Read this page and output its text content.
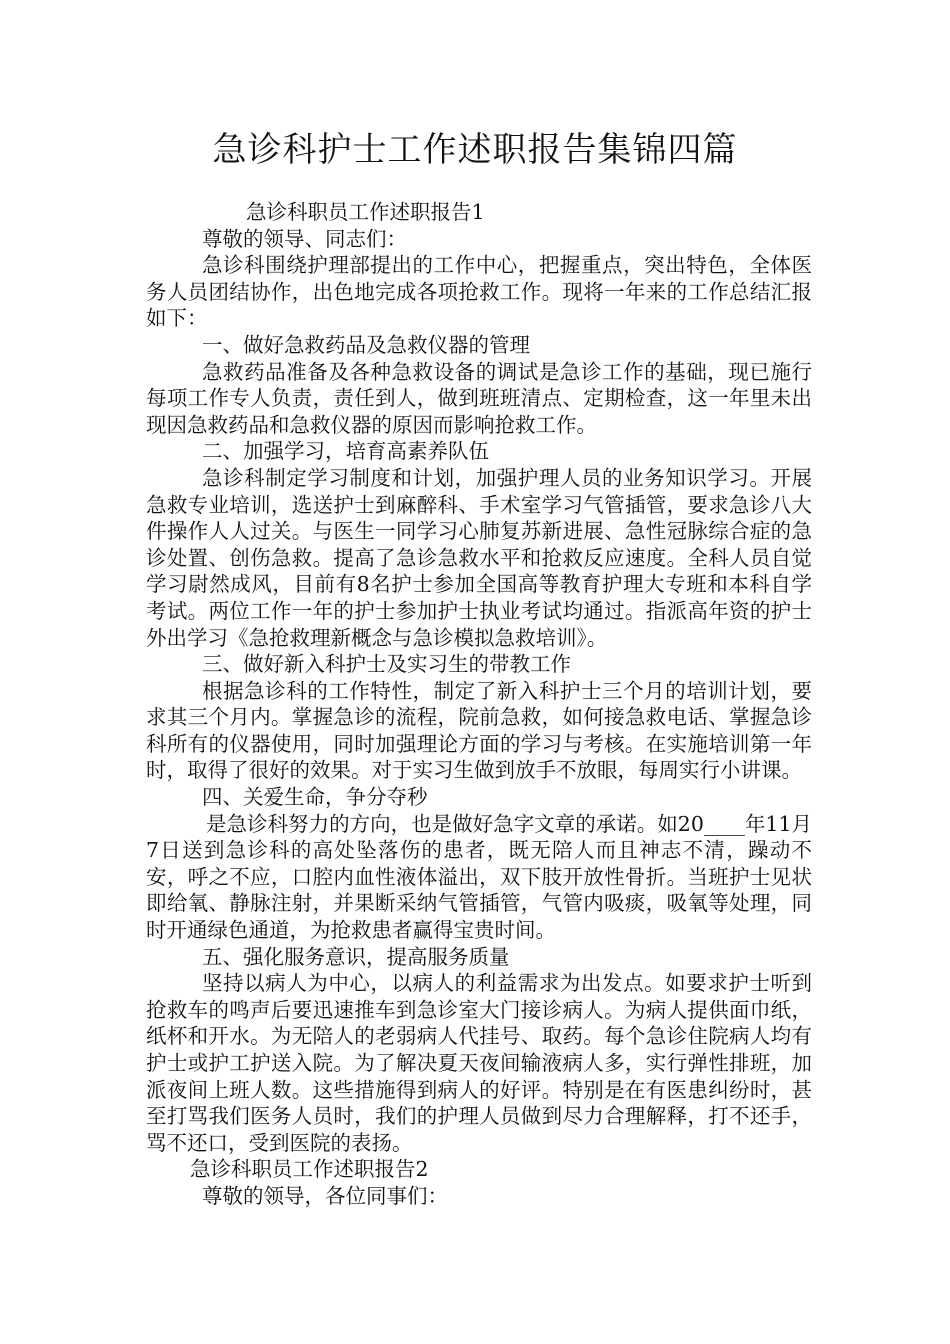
急诊科护士工作述职报告集锦四篇

急诊科职员工作述职报告1

尊敬的领导、同志们：

急诊科围绕护理部提出的工作中心，把握重点，突出特色，全体医务人员团结协作，出色地完成各项抢救工作。现将一年来的工作总结汇报如下：

一、做好急救药品及急救仪器的管理

急救药品准备及各种急救设备的调试是急诊工作的基础，现已施行每项工作专人负责，责任到人，做到班班清点、定期检查，这一年里未出现因急救药品和急救仪器的原因而影响抢救工作。

二、加强学习，培育高素养队伍

急诊科制定学习制度和计划，加强护理人员的业务知识学习。开展急救专业培训，选送护士到麻醉科、手术室学习气管插管，要求急诊八大件操作人人过关。与医生一同学习心肺复苏新进展、急性冠脉综合症的急诊处置、创伤急救。提高了急诊急救水平和抢救反应速度。全科人员自觉学习尉然成风，目前有8名护士参加全国高等教育护理大专班和本科自学考试。两位工作一年的护士参加护士执业考试均通过。指派高年资的护士外出学习《急抢救理新概念与急诊模拟急救培训》。

三、做好新入科护士及实习生的带教工作

根据急诊科的工作特性，制定了新入科护士三个月的培训计划，要求其三个月内。掌握急诊的流程，院前急救，如何接急救电话、掌握急诊科所有的仪器使用，同时加强理论方面的学习与考核。在实施培训第一年时，取得了很好的效果。对于实习生做到放手不放眼，每周实行小讲课。

四、关爱生命，争分夺秒

是急诊科努力的方向，也是做好急字文章的承诺。如20____年11月7日送到急诊科的高处坠落伤的患者，既无陪人而且神志不清，躁动不安，呼之不应，口腔内血性液体溢出，双下肢开放性骨折。当班护士见状即给氧、静脉注射，并果断采纳气管插管，气管内吸痰，吸氧等处理，同时开通绿色通道，为抢救患者赢得宝贵时间。

五、强化服务意识，提高服务质量

坚持以病人为中心，以病人的利益需求为出发点。如要求护士听到抢救车的鸣声后要迅速推车到急诊室大门接诊病人。为病人提供面巾纸，纸杯和开水。为无陪人的老弱病人代挂号、取药。每个急诊住院病人均有护士或护工护送入院。为了解决夏天夜间输液病人多，实行弹性排班，加派夜间上班人数。这些措施得到病人的好评。特别是在有医患纠纷时，甚至打骂我们医务人员时，我们的护理人员做到尽力合理解释，打不还手，骂不还口，受到医院的表扬。

急诊科职员工作述职报告2

尊敬的领导，各位同事们：
